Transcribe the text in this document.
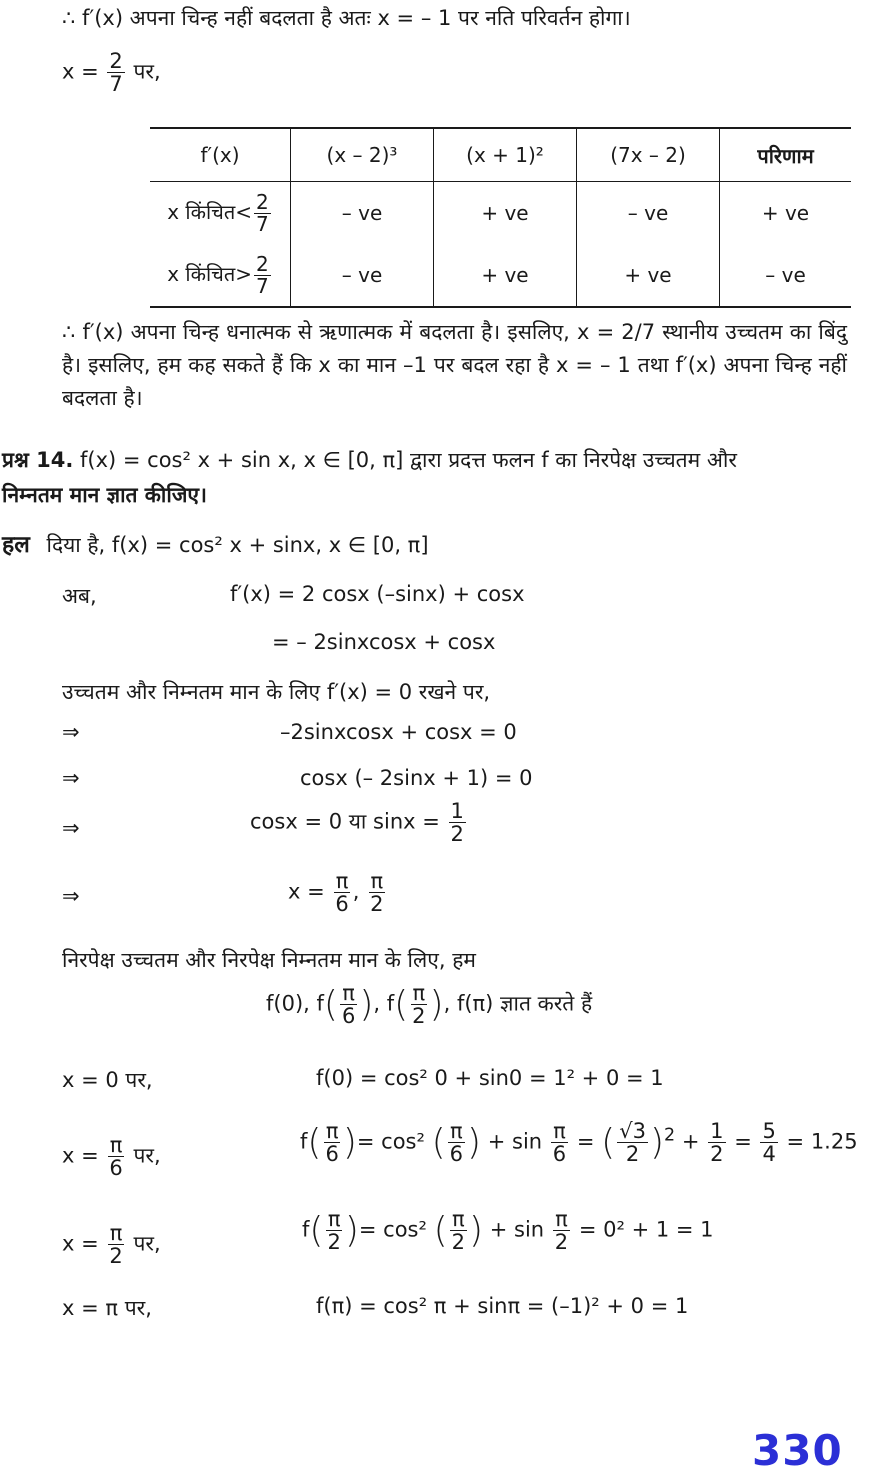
∴ f′(x) अपना चिन्ह नहीं बदलता है अतः x = – 1 पर नति परिवर्तन होगा।
$x = \frac{2}{7}$ पर,
f′(x)	(x – 2)³	(x + 1)²	(7x – 2)	परिणाम
x किंचित< $\frac{2}{7}$	– ve	+ ve	– ve	+ ve
x किंचित> $\frac{2}{7}$	– ve	+ ve	+ ve	– ve
∴ f′(x) अपना चिन्ह धनात्मक से ऋणात्मक में बदलता है। इसलिए, x = 2/7 स्थानीय उच्चतम का बिंदु है। इसलिए, हम कह सकते हैं कि x का मान –1 पर बदल रहा है x = – 1 तथा f′(x) अपना चिन्ह नहीं बदलता है।
प्रश्न 14. f(x) = cos² x + sin x, x ∈ [0, π] द्वारा प्रदत्त फलन f का निरपेक्ष उच्चतम और
निम्नतम मान ज्ञात कीजिए।
हल दिया है, f(x) = cos² x + sinx, x ∈ [0, π]
अब,	f′(x) = 2 cosx (–sinx) + cosx
= – 2sinxcosx + cosx
उच्चतम और निम्नतम मान के लिए f′(x) = 0 रखने पर,
⇒	–2sinxcosx + cosx = 0
⇒	cosx (– 2sinx + 1) = 0
⇒	cosx = 0 या $\sin x = \frac{1}{2}$
⇒	$x = \frac{\pi}{6}$ , $\frac{\pi}{2}$
निरपेक्ष उच्चतम और निरपेक्ष निम्नतम मान के लिए, हम
f(0), $f( \frac{\pi}{6}$ ), $f( \frac{\pi}{2}$ ), f(π) ज्ञात करते हैं
x = 0 पर,	f(0) = cos² 0 + sin0 = 1² + 0 = 1
$x = \frac{\pi}{6}$ पर,
$f( \frac{\pi}{6}$ )= cos² ( $\frac{\pi}{6}$ ) + $\sin \frac{\pi}{6}$ = ( $\frac{√3}{2} )^2 + \frac{1}{2} = \frac{5}{4} = 1.25$
$x = \frac{\pi}{2}$ पर,
$f( \frac{\pi}{2}$ )= cos² ( $\frac{\pi}{2}$ ) + $\sin \frac{\pi}{2} = 0^2 + 1 = 1$
x = π पर,	f(π) = cos² π + sinπ = (–1)² + 0 = 1
330
